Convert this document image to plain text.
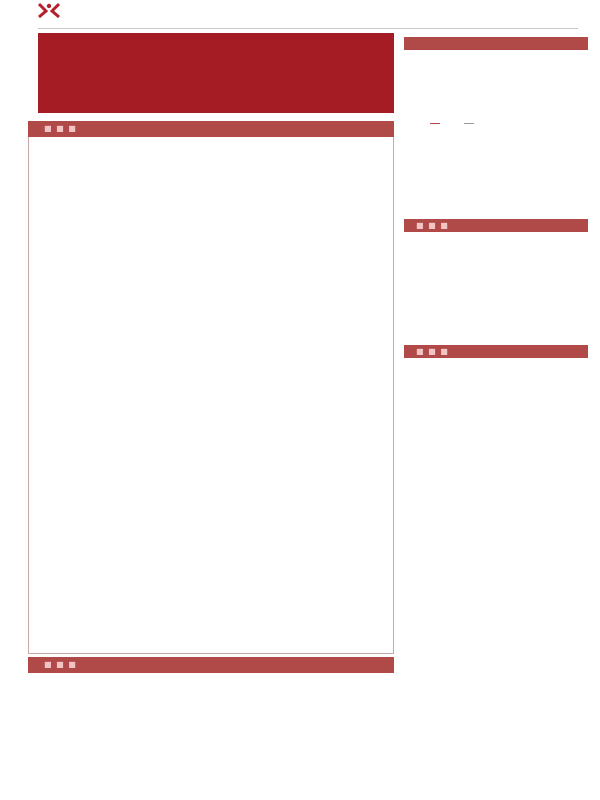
■ ■ ■
■ ■ ■

■ ■ ■
■ ■ ■
